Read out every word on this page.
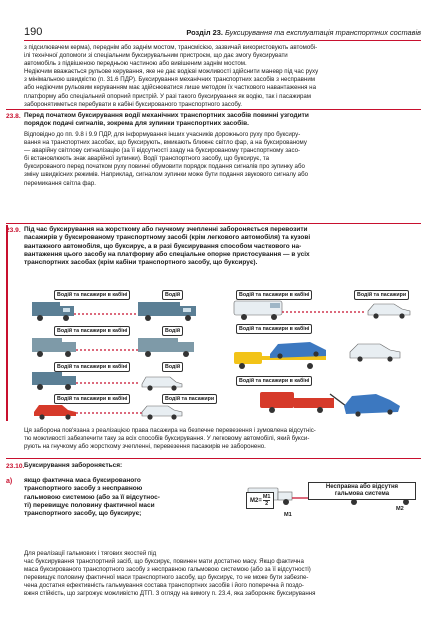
190	Розділ 23. Буксирування та експлуатація транспортних составів
з підсилювачем керма), переднім або заднім мостом, трансмісією, зазвичай використовують автомобі-
ілі технічної допомоги зі спеціальним буксирувальним пристроєм, що дає змогу буксирувати
автомобіль з підвішеною передньою частиною або вивішеним заднім мостом.
Недіючим вважається рульове керування, яке не дає водієві можливості здійснити маневр під час руху
з мінімальною швидкістю (п. 31.6 ПДР). Буксирування механічних транспортних засобів з несправним
або недіючим рульовим керуванням має здійснюватися лише методом їх часткового навантаження на
платформу або спеціальний опорний пристрій. У разі такого буксирування як водію, так і пасажирам
заборонятиметься перебувати в кабіні буксированого транспортного засобу.
23.8. Перед початком буксирування водії механічних транспортних засобів повинні узгодити
порядок подачі сигналів, зокрема для зупинки транспортних засобів.
Відповідно до пп. 9.8 і 9.9 ПДР, для інформування інших учасників дорожнього руху про буксиру-
вання на транспортних засобах, що буксирують, вмикають ближнє світло фар, а на буксированому
— аварійну світлову сигналізацію (за її відсутності ззаду на буксированому транспортному засо-
бі встановлюють знак аварійної зупинки). Водії транспортного засобу, що буксирує, та
буксированого перед початком руху повинні обумовити порядок подання сигналів про зупинку або
зміну швидкісних режимів. Наприклад, сигналом зупинки може бути подання звукового сигналу або
перемикання світла фар.
23.9. Під час буксирування на жорсткому або гнучкому зчепленні забороняється перевозити
пасажирів у буксированому транспортному засобі (крім легкового автомобіля) та кузові
вантажного автомобіля, що буксирує, а в разі буксирування способом часткового на-
вантаження цього засобу на платформу або спеціальне опорне пристосування — в усіх
транспортних засобах (крім кабіни транспортного засобу, що буксирує).
Водій та пасажири в кабіні	Водій
Водій та пасажири в кабіні	Водій
Водій та пасажири в кабіні	Водій
Водій та пасажири в кабіні	Водій та пасажири
Водій та пасажири в кабіні	Водій та пасажири
Водій та пасажири в кабіні
Водій та пасажири в кабіні
Ця заборона пов'язана з реалізацією права пасажира на безпечне перевезення і зумовлена відсутніс-
тю можливості забезпечити таку за всіх способів буксирування. У легковому автомобілі, який букси-
рують на гнучкому або жорсткому зчепленні, перевезення пасажирів не заборонено.
23.10. Буксирування забороняється:
а) якщо фактична маса буксированого
транспортного засобу з несправною
гальмовою системою (або за її відсутнос-
ті) перевищує половину фактичної маси
транспортного засобу, що буксирує;
$М2= \frac{М1}{2}$
Несправна або відсутня гальмова система
М1
М2
Для реалізації гальмових і тягових якостей під
час буксирування транспортний засіб, що буксирує, повинен мати достатню масу. Якщо фактична
маса буксированого транспортного засобу з несправною гальмовою системою (або за її відсутності)
перевищує половину фактичної маси транспортного засобу, що буксирує, то не може бути забезпе-
чена достатня ефективність гальмування состава транспортних засобів і його поперечна й поздо-
вжня стійкість, що загрожує можливістю ДТП. З огляду на вимогу п. 23.4, яка забороняє буксирування
